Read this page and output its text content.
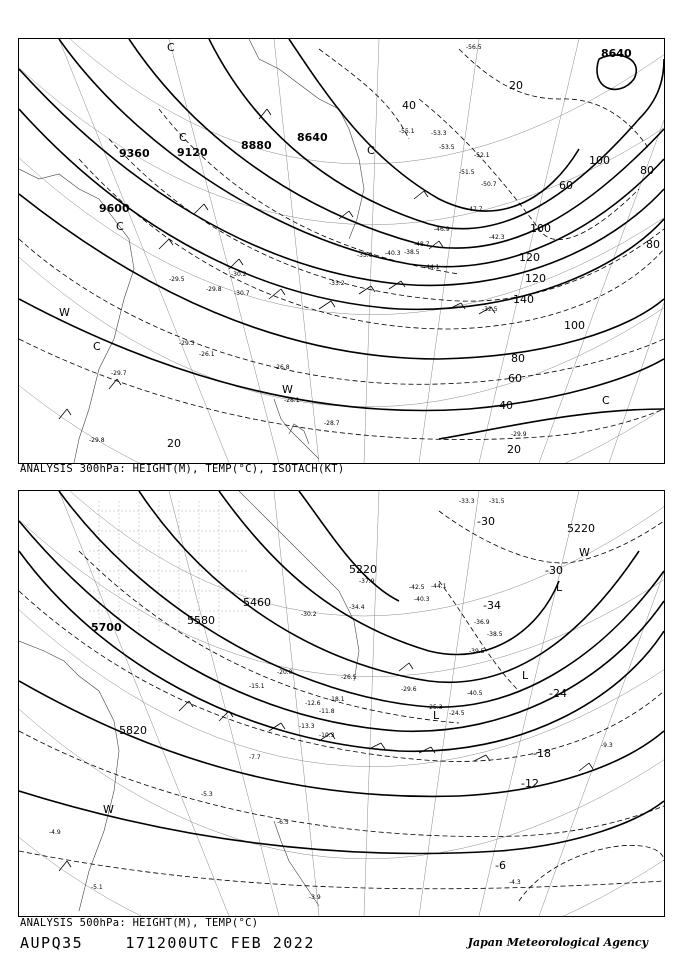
9600
9360 9120
8880
8640
8640
140
120
100
100
80
80
80
60
60
40
40
20
20
20
100
120
C
C
C
C
C
W
W
C
-56.5
-55.1	-53.3
-53.5
-52.1
-51.5
-50.7
-47.7
-48.7
-46.9
-42.3
-44.1
-40.3 -38.5
-35.9
-33.2
-32.5
-30.2
-30.7
-29.5
-29.8
-28.1
-26.8
-26.1
-28.7
-29.9
-29.3
-29.7
-29.8
ANALYSIS 300hPa: HEIGHT(M), TEMP(°C), ISOTACH(KT)
5700
5820
5460
5580
5220
5220
-30
-30
-34
-24
-18
-12
-6
L
L
L
W
W
-33.3 -31.5
-42.5 -44.1
-40.3
-36.9
-38.5
-39.5
-40.5
-37.9
-34.4
-30.2
-29.6
-26.5
-25.3
-24.5
-20.0
-18.1
-15.1
-13.3
-12.6
-11.8
-10.3
-9.3
-7.7
-6.5
-5.3
-5.1
-4.9
-4.3
-3.9
ANALYSIS 500hPa: HEIGHT(M), TEMP(°C)
AUPQ35	171200UTC FEB 2022	Japan Meteorological Agency
